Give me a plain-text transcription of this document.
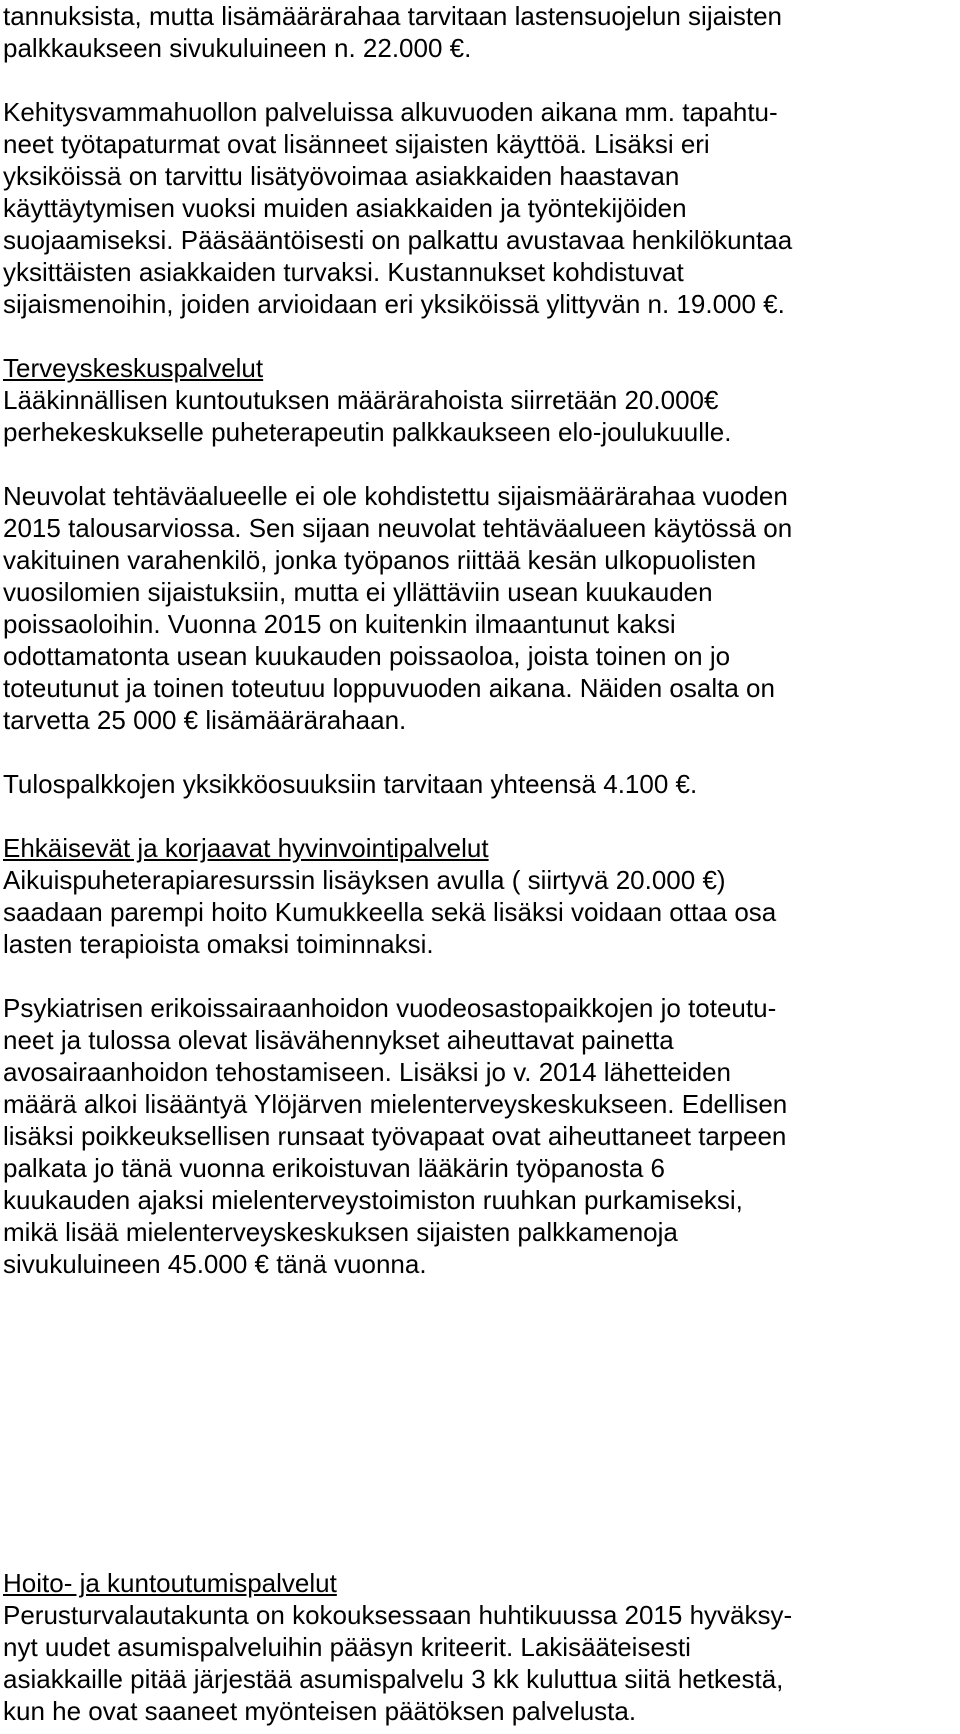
tannuksista, mutta lisämäärärahaa tarvitaan lastensuojelun sijaisten
palkkaukseen sivukuluineen n. 22.000 €.
Kehitysvammahuollon palveluissa alkuvuoden aikana mm. tapahtu-
neet työtapaturmat ovat lisänneet sijaisten käyttöä. Lisäksi eri
yksiköissä on tarvittu lisätyövoimaa asiakkaiden haastavan
käyttäytymisen vuoksi muiden asiakkaiden ja työntekijöiden
suojaamiseksi. Pääsääntöisesti on palkattu avustavaa henkilökuntaa
yksittäisten asiakkaiden turvaksi. Kustannukset kohdistuvat
sijaismenoihin, joiden arvioidaan eri yksiköissä ylittyvän n. 19.000 €.
Terveyskeskuspalvelut
Lääkinnällisen kuntoutuksen määrärahoista siirretään 20.000€
perhekeskukselle puheterapeutin palkkaukseen elo-joulukuulle.
Neuvolat tehtäväalueelle ei ole kohdistettu sijaismäärärahaa vuoden
2015 talousarviossa. Sen sijaan neuvolat tehtäväalueen käytössä on
vakituinen varahenkilö, jonka työpanos riittää kesän ulkopuolisten
vuosilomien sijaistuksiin, mutta ei yllättäviin usean kuukauden
poissaoloihin. Vuonna 2015 on kuitenkin ilmaantunut kaksi
odottamatonta usean kuukauden poissaoloa, joista toinen on jo
toteutunut ja toinen toteutuu loppuvuoden aikana. Näiden osalta on
tarvetta 25 000 € lisämäärärahaan.
Tulospalkkojen yksikköosuuksiin tarvitaan yhteensä 4.100 €.
Ehkäisevät ja korjaavat hyvinvointipalvelut
Aikuispuheterapiaresurssin lisäyksen avulla ( siirtyvä 20.000 €)
saadaan parempi hoito Kumukkeella sekä lisäksi voidaan ottaa osa
lasten terapioista omaksi toiminnaksi.
Psykiatrisen erikoissairaanhoidon vuodeosastopaikkojen jo toteutu-
neet ja tulossa olevat lisävähennykset aiheuttavat painetta
avosairaanhoidon tehostamiseen. Lisäksi jo v. 2014 lähetteiden
määrä alkoi lisääntyä Ylöjärven mielenterveyskeskukseen. Edellisen
lisäksi poikkeuksellisen runsaat työvapaat ovat aiheuttaneet tarpeen
palkata jo tänä vuonna erikoistuvan lääkärin työpanosta 6
kuukauden ajaksi mielenterveystoimiston ruuhkan purkamiseksi,
mikä lisää mielenterveyskeskuksen sijaisten palkkamenoja
sivukuluineen 45.000 € tänä vuonna.
Hoito- ja kuntoutumispalvelut
Perusturvalautakunta on kokouksessaan huhtikuussa 2015 hyväksy-
nyt uudet asumispalveluihin pääsyn kriteerit. Lakisääteisesti
asiakkaille pitää järjestää asumispalvelu 3 kk kuluttua siitä hetkestä,
kun he ovat saaneet myönteisen päätöksen palvelusta.
